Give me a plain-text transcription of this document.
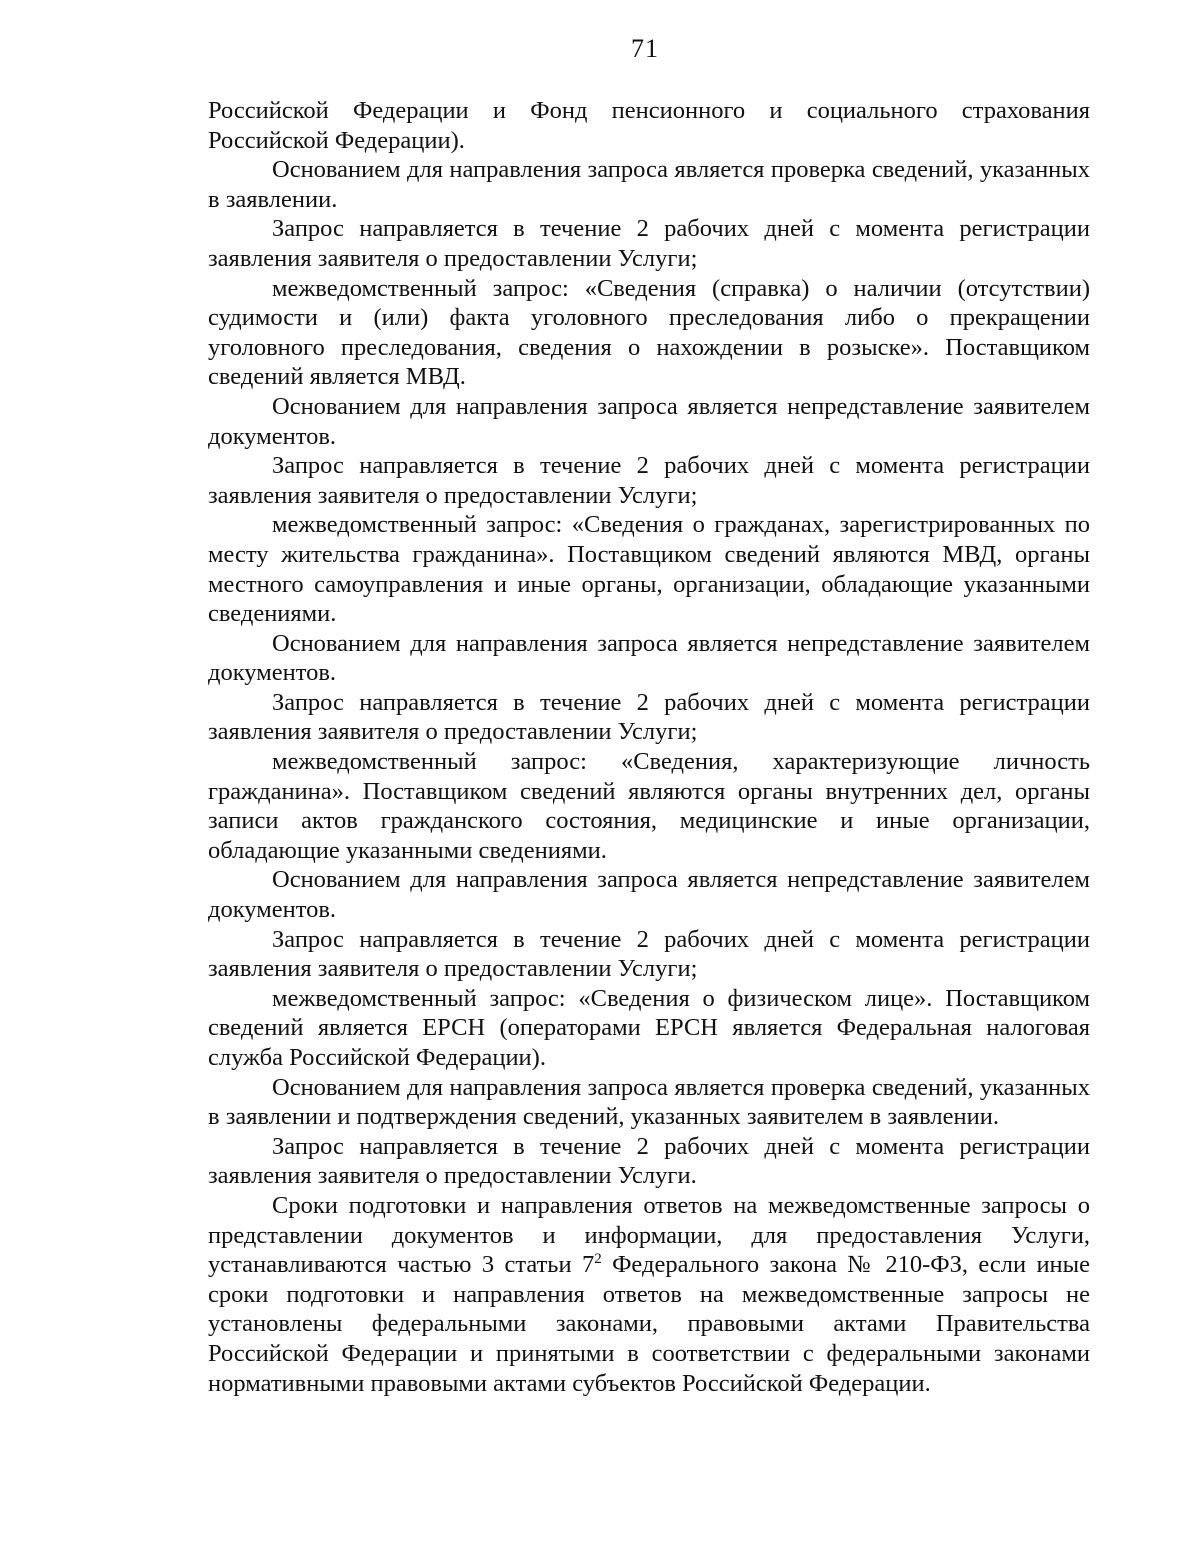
71

Российской Федерации и Фонд пенсионного и социального страхования Российской Федерации).

Основанием для направления запроса является проверка сведений, указанных в заявлении.

Запрос направляется в течение 2 рабочих дней с момента регистрации заявления заявителя о предоставлении Услуги;

межведомственный запрос: «Сведения (справка) о наличии (отсутствии) судимости и (или) факта уголовного преследования либо о прекращении уголовного преследования, сведения о нахождении в розыске». Поставщиком сведений является МВД.

Основанием для направления запроса является непредставление заявителем документов.

Запрос направляется в течение 2 рабочих дней с момента регистрации заявления заявителя о предоставлении Услуги;

межведомственный запрос: «Сведения о гражданах, зарегистрированных по месту жительства гражданина». Поставщиком сведений являются МВД, органы местного самоуправления и иные органы, организации, обладающие указанными сведениями.

Основанием для направления запроса является непредставление заявителем документов.

Запрос направляется в течение 2 рабочих дней с момента регистрации заявления заявителя о предоставлении Услуги;

межведомственный запрос: «Сведения, характеризующие личность гражданина». Поставщиком сведений являются органы внутренних дел, органы записи актов гражданского состояния, медицинские и иные организации, обладающие указанными сведениями.

Основанием для направления запроса является непредставление заявителем документов.

Запрос направляется в течение 2 рабочих дней с момента регистрации заявления заявителя о предоставлении Услуги;

межведомственный запрос: «Сведения о физическом лице». Поставщиком сведений является ЕРСН (операторами ЕРСН является Федеральная налоговая служба Российской Федерации).

Основанием для направления запроса является проверка сведений, указанных в заявлении и подтверждения сведений, указанных заявителем в заявлении.

Запрос направляется в течение 2 рабочих дней с момента регистрации заявления заявителя о предоставлении Услуги.

Сроки подготовки и направления ответов на межведомственные запросы о представлении документов и информации, для предоставления Услуги, устанавливаются частью 3 статьи $7^2$ Федерального закона № 210-ФЗ, если иные сроки подготовки и направления ответов на межведомственные запросы не установлены федеральными законами, правовыми актами Правительства Российской Федерации и принятыми в соответствии с федеральными законами нормативными правовыми актами субъектов Российской Федерации.
